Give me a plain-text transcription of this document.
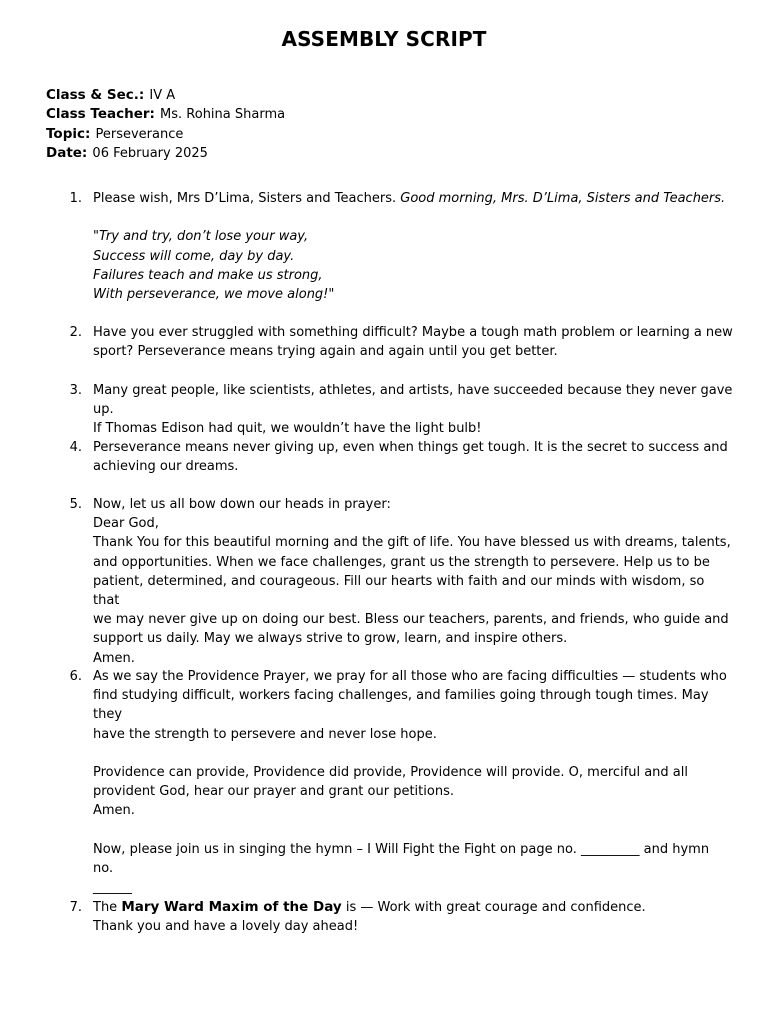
ASSEMBLY SCRIPT
Class & Sec.: IV A
Class Teacher: Ms. Rohina Sharma
Topic: Perseverance
Date: 06 February 2025
1. Please wish, Mrs D’Lima, Sisters and Teachers. Good morning, Mrs. D’Lima, Sisters and Teachers.

"Try and try, don’t lose your way,

Success will come, day by day.

Failures teach and make us strong,

With perseverance, we move along!"

2. Have you ever struggled with something difficult? Maybe a tough math problem or learning a new

sport? Perseverance means trying again and again until you get better.

3. Many great people, like scientists, athletes, and artists, have succeeded because they never gave up.

If Thomas Edison had quit, we wouldn’t have the light bulb!

4. Perseverance means never giving up, even when things get tough. It is the secret to success and

achieving our dreams.

5. Now, let us all bow down our heads in prayer:

Dear God,

Thank You for this beautiful morning and the gift of life. You have blessed us with dreams, talents,

and opportunities. When we face challenges, grant us the strength to persevere. Help us to be

patient, determined, and courageous. Fill our hearts with faith and our minds with wisdom, so that

we may never give up on doing our best. Bless our teachers, parents, and friends, who guide and

support us daily. May we always strive to grow, learn, and inspire others.

Amen.

6. As we say the Providence Prayer, we pray for all those who are facing difficulties — students who

find studying difficult, workers facing challenges, and families going through tough times. May they

have the strength to persevere and never lose hope.

Providence can provide, Providence did provide, Providence will provide. O, merciful and all

provident God, hear our prayer and grant our petitions.

Amen.

Now, please join us in singing the hymn – I Will Fight the Fight on page no. _________ and hymn no.

______

7. The Mary Ward Maxim of the Day is — Work with great courage and confidence.

Thank you and have a lovely day ahead!
